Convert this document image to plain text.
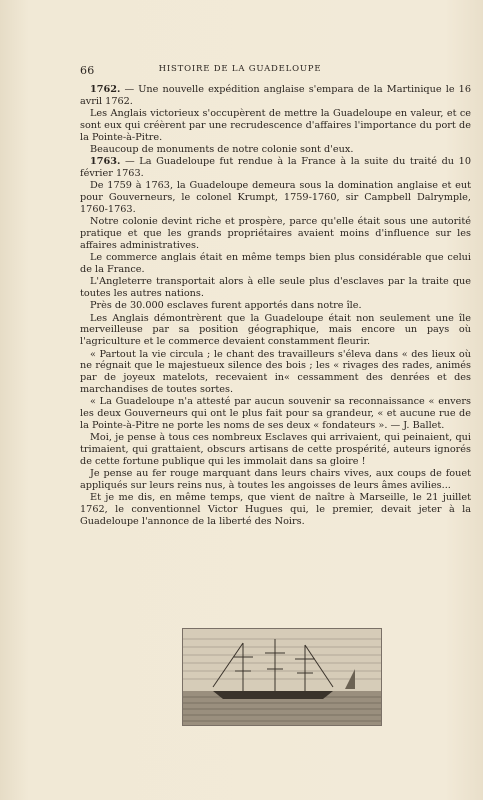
66	HISTOIRE DE LA GUADELOUPE

1762. — Une nouvelle expédition anglaise s'empara de la Martinique le 16 avril 1762.

Les Anglais victorieux s'occupèrent de mettre la Guadeloupe en valeur, et ce sont eux qui créèrent par une recrudescence d'affaires l'importance du port de la Pointe-à-Pitre.

Beaucoup de monuments de notre colonie sont d'eux.

1763. — La Guadeloupe fut rendue à la France à la suite du traité du 10 février 1763.

De 1759 à 1763, la Guadeloupe demeura sous la domination anglaise et eut pour Gouverneurs, le colonel Krumpt, 1759-1760, sir Campbell Dalrymple, 1760-1763.

Notre colonie devint riche et prospère, parce qu'elle était sous une autorité pratique et que les grands propriétaires avaient moins d'influence sur les affaires administratives.

Le commerce anglais était en même temps bien plus considérable que celui de la France.

L'Angleterre transportait alors à elle seule plus d'esclaves par la traite que toutes les autres nations.

Près de 30.000 esclaves furent apportés dans notre île.

Les Anglais démontrèrent que la Guadeloupe était non seulement une île merveilleuse par sa position géographique, mais encore un pays où l'agriculture et le commerce devaient constamment fleurir.

« Partout la vie circula ; le chant des travailleurs s'éleva dans « des lieux où ne régnait que le majestueux silence des bois ; les « rivages des rades, animés par de joyeux matelots, recevaient in« cessamment des denrées et des marchandises de toutes sortes.

« La Guadeloupe n'a attesté par aucun souvenir sa reconnaissance « envers les deux Gouverneurs qui ont le plus fait pour sa grandeur, « et aucune rue de la Pointe-à-Pitre ne porte les noms de ses deux « fondateurs ». — J. Ballet.

Moi, je pense à tous ces nombreux Esclaves qui arrivaient, qui peinaient, qui trimaient, qui grattaient, obscurs artisans de cette prospérité, auteurs ignorés de cette fortune publique qui les immolait dans sa gloire !

Je pense au fer rouge marquant dans leurs chairs vives, aux coups de fouet appliqués sur leurs reins nus, à toutes les angoisses de leurs âmes avilies...

Et je me dis, en même temps, que vient de naître à Marseille, le 21 juillet 1762, le conventionnel Victor Hugues qui, le premier, devait jeter à la Guadeloupe l'annonce de la liberté des Noirs.
